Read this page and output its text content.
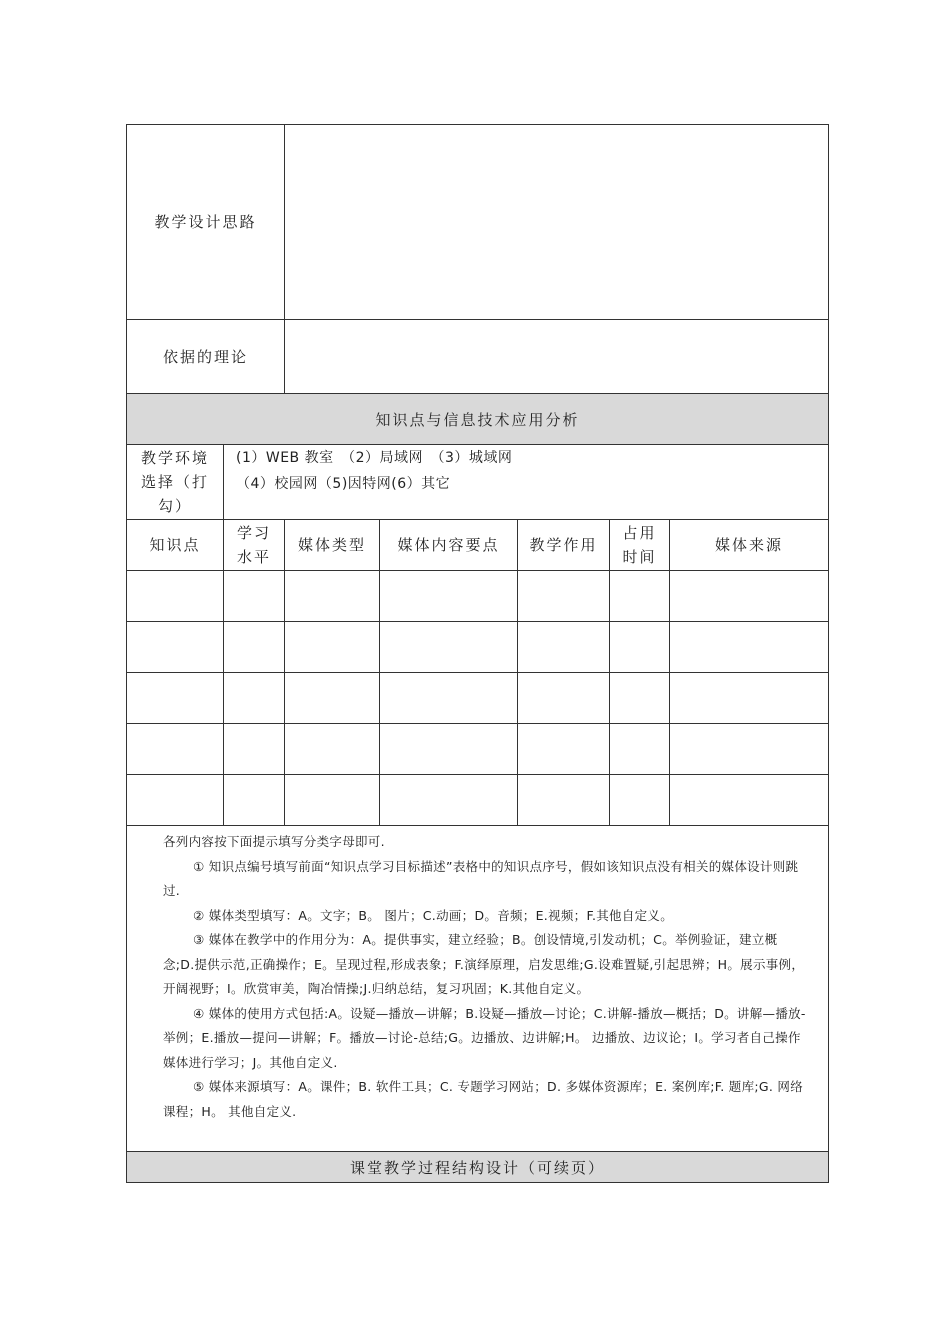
教学设计思路
依据的理论
知识点与信息技术应用分析
教学环境选择（打勾）
(1）WEB 教室　（2）局域网　（3）城域网
（4）校园网（5)因特网(6）其它
知识点
学习水平
媒体类型	媒体内容要点	教学作用
占用时间
媒体来源

各列内容按下面提示填写分类字母即可.

① 知识点编号填写前面“知识点学习目标描述”表格中的知识点序号，假如该知识点没有相关的媒体设计则跳过.

② 媒体类型填写：A。文字；B。 图片；C.动画；D。音频；E.视频；F.其他自定义。

③ 媒体在教学中的作用分为：A。提供事实，建立经验；B。创设情境,引发动机；C。举例验证，建立概念;D.提供示范,正确操作；E。呈现过程,形成表象；F.演绎原理，启发思维;G.设难置疑,引起思辨；H。展示事例，开阔视野；I。欣赏审美，陶冶情操;J.归纳总结，复习巩固；K.其他自定义。

④ 媒体的使用方式包括:A。设疑—播放—讲解；B.设疑—播放—讨论；C.讲解-播放—概括；D。讲解—播放-举例；E.播放—提问—讲解；F。播放—讨论-总结;G。边播放、边讲解;H。 边播放、边议论；I。学习者自己操作媒体进行学习；J。其他自定义.

⑤ 媒体来源填写：A。课件；B. 软件工具；C. 专题学习网站；D. 多媒体资源库；E. 案例库;F. 题库;G. 网络课程；H。 其他自定义.

课堂教学过程结构设计（可续页）
